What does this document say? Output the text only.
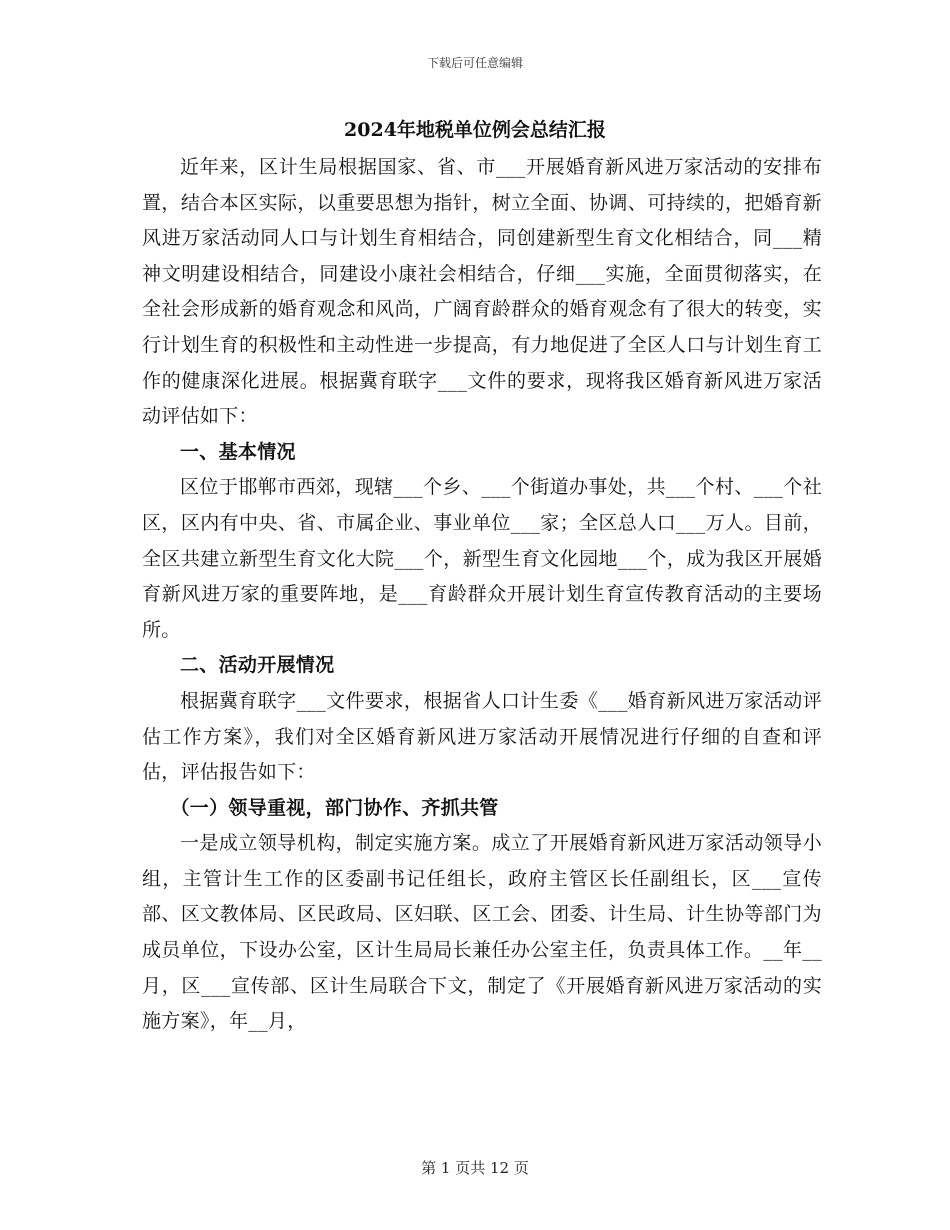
下载后可任意编辑
2024年地税单位例会总结汇报

近年来，区计生局根据国家、省、市___开展婚育新风进万家活动的安排布置，结合本区实际，以重要思想为指针，树立全面、协调、可持续的，把婚育新风进万家活动同人口与计划生育相结合，同创建新型生育文化相结合，同___精神文明建设相结合，同建设小康社会相结合，仔细___实施，全面贯彻落实，在全社会形成新的婚育观念和风尚，广阔育龄群众的婚育观念有了很大的转变，实行计划生育的积极性和主动性进一步提高，有力地促进了全区人口与计划生育工作的健康深化进展。根据冀育联字___文件的要求，现将我区婚育新风进万家活动评估如下：

一、基本情况

区位于邯郸市西郊，现辖___个乡、___个街道办事处，共___个村、___个社区，区内有中央、省、市属企业、事业单位___家；全区总人口___万人。目前，全区共建立新型生育文化大院___个，新型生育文化园地___个，成为我区开展婚育新风进万家的重要阵地，是___育龄群众开展计划生育宣传教育活动的主要场所。

二、活动开展情况

根据冀育联字___文件要求，根据省人口计生委《___婚育新风进万家活动评估工作方案》，我们对全区婚育新风进万家活动开展情况进行仔细的自查和评估，评估报告如下：

（一）领导重视，部门协作、齐抓共管

一是成立领导机构，制定实施方案。成立了开展婚育新风进万家活动领导小组，主管计生工作的区委副书记任组长，政府主管区长任副组长，区___宣传部、区文教体局、区民政局、区妇联、区工会、团委、计生局、计生协等部门为成员单位，下设办公室，区计生局局长兼任办公室主任，负责具体工作。__年__月，区___宣传部、区计生局联合下文，制定了《开展婚育新风进万家活动的实施方案》，年__月，

第 1 页共 12 页
